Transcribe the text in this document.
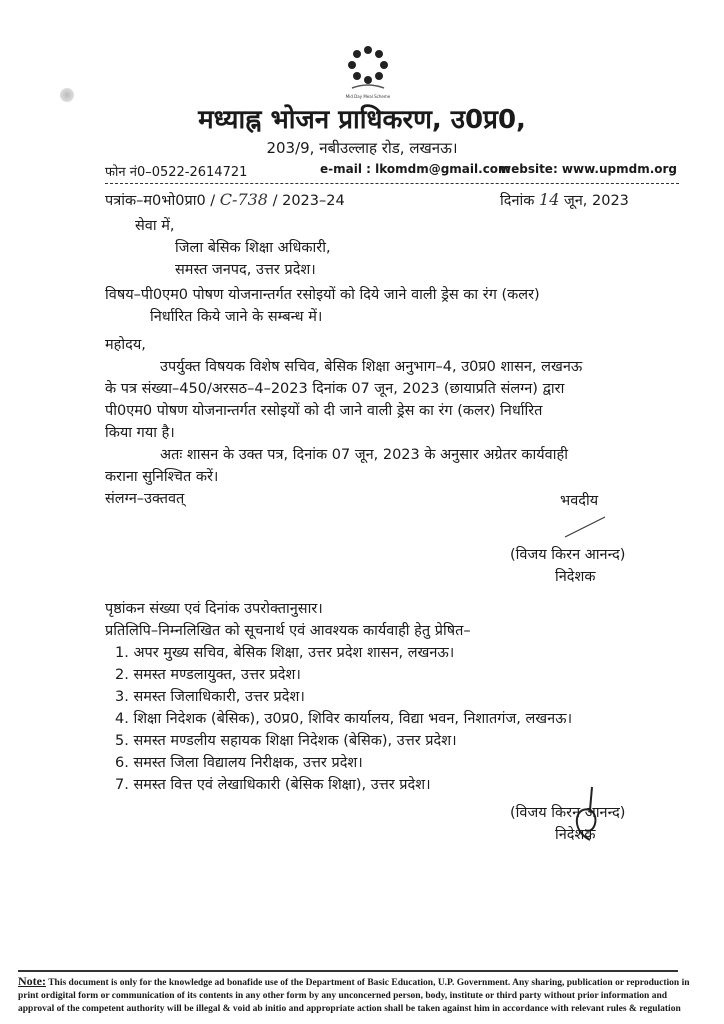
Mid Day Meal Scheme
मध्याह्न भोजन प्राधिकरण, उ0प्र0,
203/9, नबीउल्लाह रोड, लखनऊ।
फोन नं0–0522-2614721	e-mail : lkomdm@gmail.com
website: www.upmdm.org
पत्रांक–म0भो0प्रा0 / C-738 / 2023–24	दिनांक 14 जून, 2023
सेवा में,
जिला बेसिक शिक्षा अधिकारी,
समस्त जनपद, उत्तर प्रदेश।
विषय–पी0एम0 पोषण योजनान्तर्गत रसोइयों को दिये जाने वाली ड्रेस का रंग (कलर)
निर्धारित किये जाने के सम्बन्ध में।
महोदय,
उपर्युक्त विषयक विशेष सचिव, बेसिक शिक्षा अनुभाग–4, उ0प्र0 शासन, लखनऊ
के पत्र संख्या–450/अरसठ–4–2023 दिनांक 07 जून, 2023 (छायाप्रति संलग्न) द्वारा
पी0एम0 पोषण योजनान्तर्गत रसोइयों को दी जाने वाली ड्रेस का रंग (कलर) निर्धारित
किया गया है।
अतः शासन के उक्त पत्र, दिनांक 07 जून, 2023 के अनुसार अग्रेतर कार्यवाही
कराना सुनिश्चित करें।
संलग्न–उक्तवत्	भवदीय
(विजय किरन आनन्द)
निदेशक
पृष्ठांकन संख्या एवं दिनांक उपरोक्तानुसार।
प्रतिलिपि–निम्नलिखित को सूचनार्थ एवं आवश्यक कार्यवाही हेतु प्रेषित–
1. अपर मुख्य सचिव, बेसिक शिक्षा, उत्तर प्रदेश शासन, लखनऊ।
2. समस्त मण्डलायुक्त, उत्तर प्रदेश।
3. समस्त जिलाधिकारी, उत्तर प्रदेश।
4. शिक्षा निदेशक (बेसिक), उ0प्र0, शिविर कार्यालय, विद्या भवन, निशातगंज, लखनऊ।
5. समस्त मण्डलीय सहायक शिक्षा निदेशक (बेसिक), उत्तर प्रदेश।
6. समस्त जिला विद्यालय निरीक्षक, उत्तर प्रदेश।
7. समस्त वित्त एवं लेखाधिकारी (बेसिक शिक्षा), उत्तर प्रदेश।
(विजय किरन आनन्द)
निदेशक
Note: This document is only for the knowledge ad bonafide use of the Department of Basic Education, U.P. Government. Any sharing, publication or reproduction in print ordigital form or communication of its contents in any other form by any unconcerned person, body, institute or third party without prior information and approval of the competent authority will be illegal & void ab initio and appropriate action shall be taken against him in accordance with relevant rules & regulation
